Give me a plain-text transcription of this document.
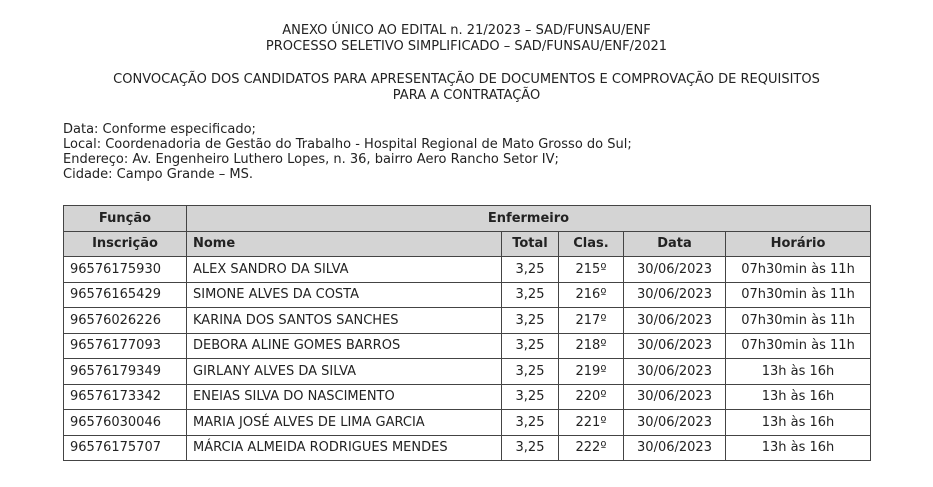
ANEXO ÚNICO AO EDITAL n. 21/2023 – SAD/FUNSAU/ENF
PROCESSO SELETIVO SIMPLIFICADO – SAD/FUNSAU/ENF/2021
CONVOCAÇÃO DOS CANDIDATOS PARA APRESENTAÇÃO DE DOCUMENTOS E COMPROVAÇÃO DE REQUISITOS
PARA A CONTRATAÇÃO
Data: Conforme especificado;
Local: Coordenadoria de Gestão do Trabalho - Hospital Regional de Mato Grosso do Sul;
Endereço: Av. Engenheiro Luthero Lopes, n. 36, bairro Aero Rancho Setor IV;
Cidade: Campo Grande – MS.
Função	Enfermeiro				
Inscrição	Nome	Total	Clas.	Data	Horário
96576175930	ALEX SANDRO DA SILVA	3,25	215º	30/06/2023	07h30min às 11h
96576165429	SIMONE ALVES DA COSTA	3,25	216º	30/06/2023	07h30min às 11h
96576026226	KARINA DOS SANTOS SANCHES	3,25	217º	30/06/2023	07h30min às 11h
96576177093	DEBORA ALINE GOMES BARROS	3,25	218º	30/06/2023	07h30min às 11h
96576179349	GIRLANY ALVES DA SILVA	3,25	219º	30/06/2023	13h às 16h
96576173342	ENEIAS SILVA DO NASCIMENTO	3,25	220º	30/06/2023	13h às 16h
96576030046	MARIA JOSÉ ALVES DE LIMA GARCIA	3,25	221º	30/06/2023	13h às 16h
96576175707	MÁRCIA ALMEIDA RODRIGUES MENDES	3,25	222º	30/06/2023	13h às 16h
